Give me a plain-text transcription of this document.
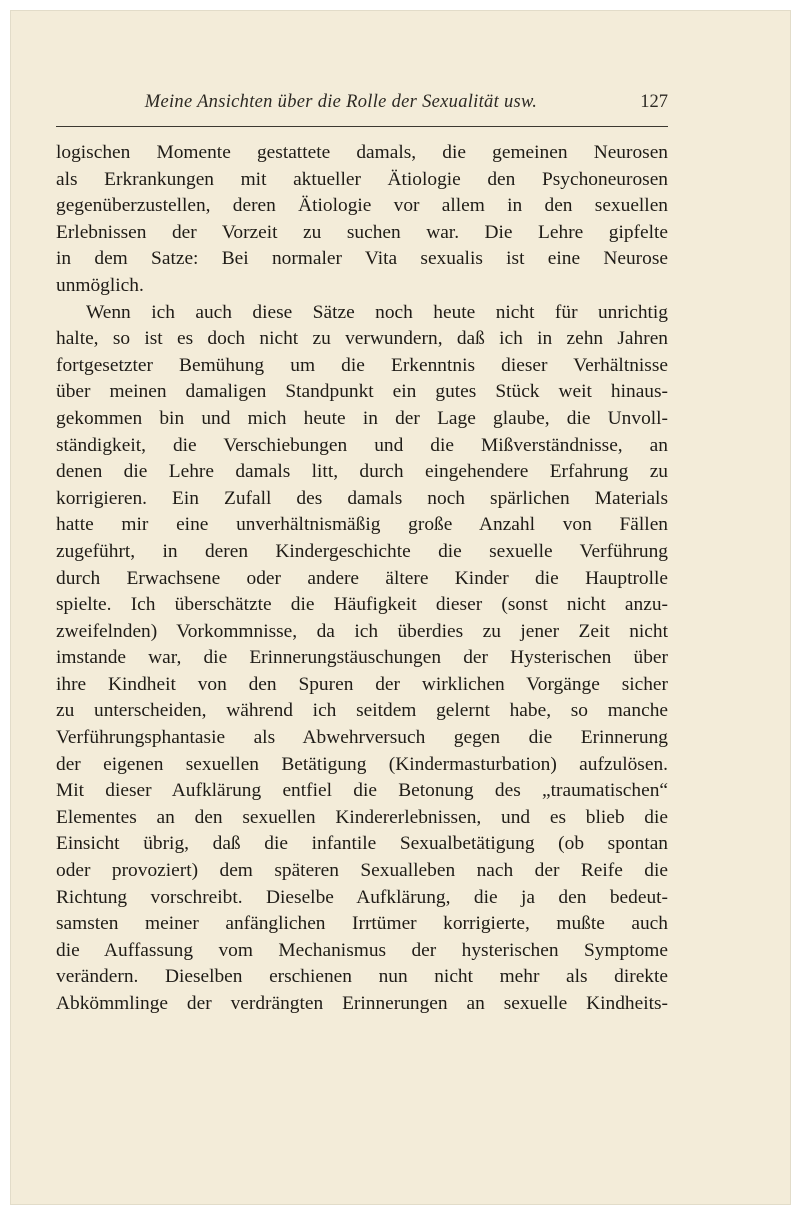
Meine Ansichten über die Rolle der Sexualität usw.	127
logischen Momente gestattete damals, die gemeinen Neurosen
als Erkrankungen mit aktueller Ätiologie den Psychoneurosen
gegenüberzustellen, deren Ätiologie vor allem in den sexuellen
Erlebnissen der Vorzeit zu suchen war. Die Lehre gipfelte
in dem Satze: Bei normaler Vita sexualis ist eine Neurose
unmöglich.
Wenn ich auch diese Sätze noch heute nicht für unrichtig
halte, so ist es doch nicht zu verwundern, daß ich in zehn Jahren
fortgesetzter Bemühung um die Erkenntnis dieser Verhältnisse
über meinen damaligen Standpunkt ein gutes Stück weit hinaus-
gekommen bin und mich heute in der Lage glaube, die Unvoll-
ständigkeit, die Verschiebungen und die Mißverständnisse, an
denen die Lehre damals litt, durch eingehendere Erfahrung zu
korrigieren. Ein Zufall des damals noch spärlichen Materials
hatte mir eine unverhältnismäßig große Anzahl von Fällen
zugeführt, in deren Kindergeschichte die sexuelle Verführung
durch Erwachsene oder andere ältere Kinder die Hauptrolle
spielte. Ich überschätzte die Häufigkeit dieser (sonst nicht anzu-
zweifelnden) Vorkommnisse, da ich überdies zu jener Zeit nicht
imstande war, die Erinnerungstäuschungen der Hysterischen über
ihre Kindheit von den Spuren der wirklichen Vorgänge sicher
zu unterscheiden, während ich seitdem gelernt habe, so manche
Verführungsphantasie als Abwehrversuch gegen die Erinnerung
der eigenen sexuellen Betätigung (Kindermasturbation) aufzulösen.
Mit dieser Aufklärung entfiel die Betonung des „traumatischen“
Elementes an den sexuellen Kindererlebnissen, und es blieb die
Einsicht übrig, daß die infantile Sexualbetätigung (ob spontan
oder provoziert) dem späteren Sexualleben nach der Reife die
Richtung vorschreibt. Dieselbe Aufklärung, die ja den bedeut-
samsten meiner anfänglichen Irrtümer korrigierte, mußte auch
die Auffassung vom Mechanismus der hysterischen Symptome
verändern. Dieselben erschienen nun nicht mehr als direkte
Abkömmlinge der verdrängten Erinnerungen an sexuelle Kindheits-
